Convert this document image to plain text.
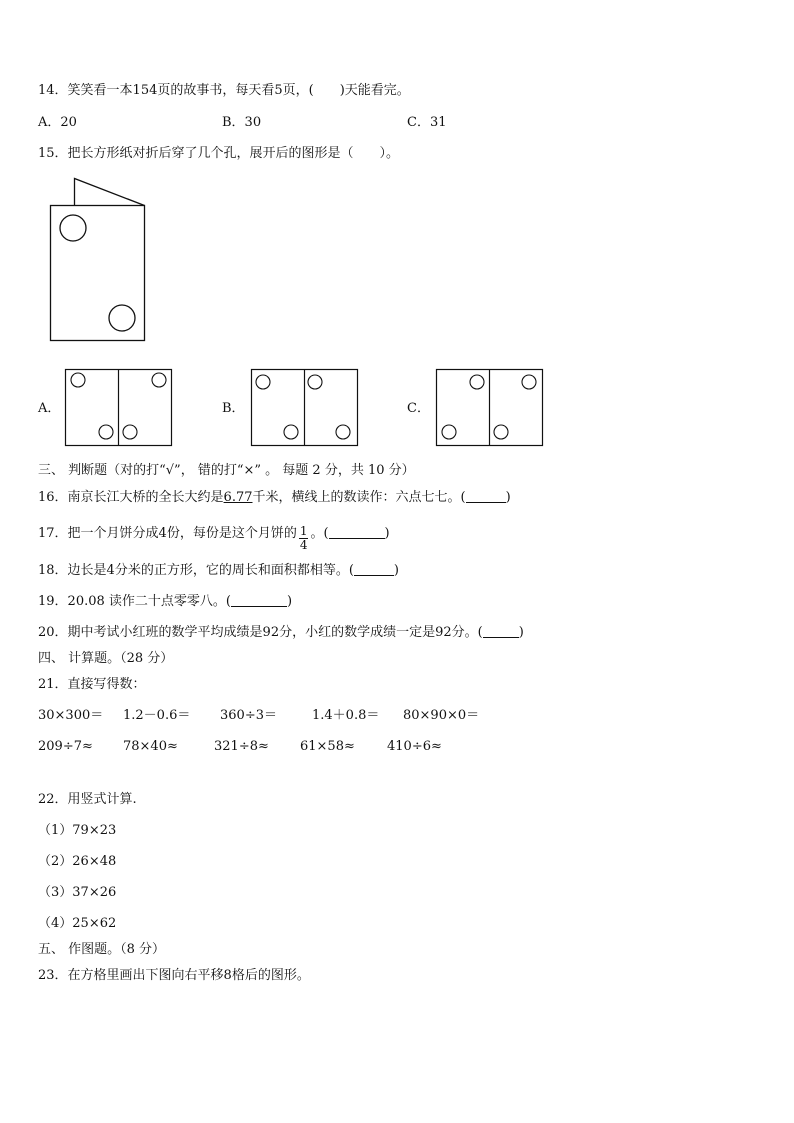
14．笑笑看一本154页的故事书，每天看5页，(　　)天能看完。
A．20	B．30	C．31
15．把长方形纸对折后穿了几个孔，展开后的图形是（　　）。
A．	B．	C．
三、 判断题（对的打“√”， 错的打“×” 。 每题 2 分，共 10 分）
16．南京长江大桥的全长大约是6.77千米，横线上的数读作：六点七七。(	)
17．把一个月饼分成4份，每份是这个月饼的 $\frac{1}{4}$ 。(	)
18．边长是4分米的正方形，它的周长和面积都相等。(	)
19．20.08 读作二十点零零八。(	)
20．期中考试小红班的数学平均成绩是92分，小红的数学成绩一定是92分。(	)
四、 计算题。（28 分）
21．直接写得数：
30×300＝ 1.2－0.6＝ 360÷3＝	1.4＋0.8＝ 80×90×0＝
209÷7≈ 78×40≈	321÷8≈ 61×58≈ 410÷6≈
22．用竖式计算.
（1）79×23
（2）26×48
（3）37×26
（4）25×62
五、 作图题。（8 分）
23．在方格里画出下图向右平移8格后的图形。
